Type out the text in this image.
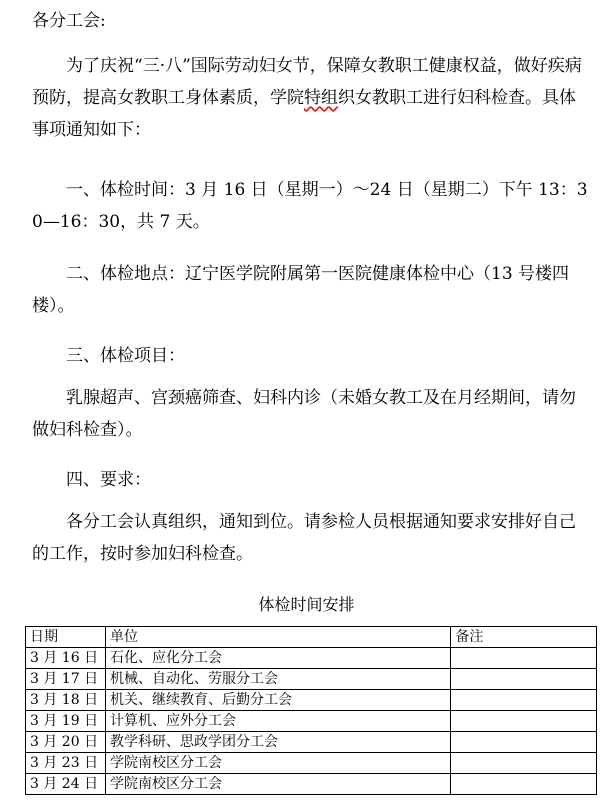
各分工会:

为了庆祝“三·八”国际劳动妇女节，保障女教职工健康权益，做好疾病预防，提高女教职工身体素质，学院特组织女教职工进行妇科检查。具体事项通知如下：

一、体检时间：3 月 16 日（星期一）～24 日（星期二）下午 13：30—16：30，共 7 天。

二、体检地点：辽宁医学院附属第一医院健康体检中心（13 号楼四楼）。

三、体检项目：

乳腺超声、宫颈癌筛查、妇科内诊（未婚女教工及在月经期间，请勿做妇科检查）。

四、要求：

各分工会认真组织，通知到位。请参检人员根据通知要求安排好自己的工作，按时参加妇科检查。

体检时间安排
日期	单位	备注
3 月 16 日	石化、应化分工会	
3 月 17 日	机械、自动化、劳服分工会	
3 月 18 日	机关、继续教育、后勤分工会	
3 月 19 日	计算机、应外分工会	
3 月 20 日	教学科研、思政学团分工会	
3 月 23 日	学院南校区分工会	
3 月 24 日	学院南校区分工会	
